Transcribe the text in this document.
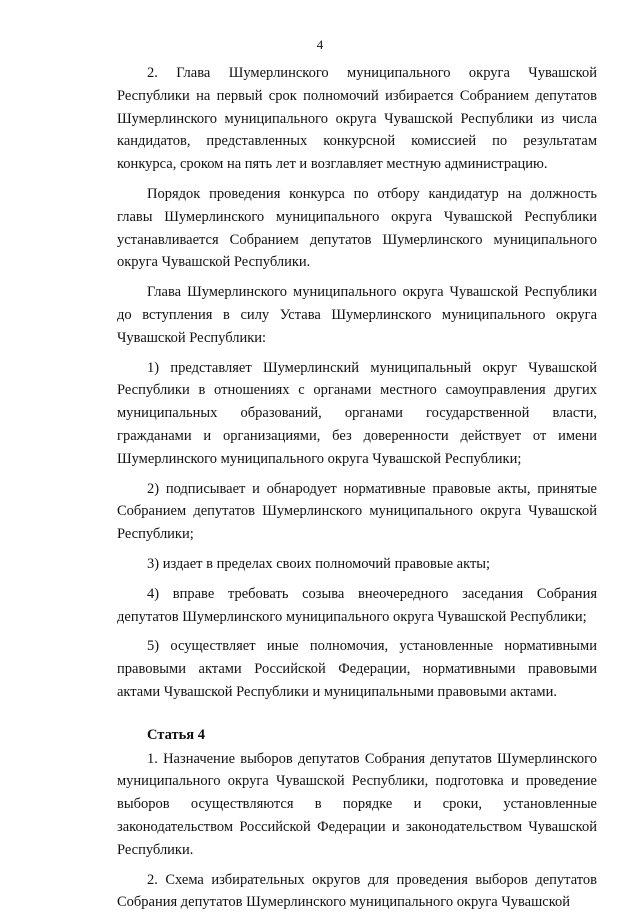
4

2. Глава Шумерлинского муниципального округа Чувашской Республики на первый срок полномочий избирается Собранием депутатов Шумерлинского муниципального округа Чувашской Республики из числа кандидатов, представленных конкурсной комиссией по результатам конкурса, сроком на пять лет и возглавляет местную администрацию.

Порядок проведения конкурса по отбору кандидатур на должность главы Шумерлинского муниципального округа Чувашской Республики устанавливается Собранием депутатов Шумерлинского муниципального округа Чувашской Республики.

Глава Шумерлинского муниципального округа Чувашской Республики до вступления в силу Устава Шумерлинского муниципального округа Чувашской Республики:

1) представляет Шумерлинский муниципальный округ Чувашской Республики в отношениях с органами местного самоуправления других муниципальных образований, органами государственной власти, гражданами и организациями, без доверенности действует от имени Шумерлинского муниципального округа Чувашской Республики;

2) подписывает и обнародует нормативные правовые акты, принятые Собранием депутатов Шумерлинского муниципального округа Чувашской Республики;

3) издает в пределах своих полномочий правовые акты;

4) вправе требовать созыва внеочередного заседания Собрания депутатов Шумерлинского муниципального округа Чувашской Республики;

5) осуществляет иные полномочия, установленные нормативными правовыми актами Российской Федерации, нормативными правовыми актами Чувашской Республики и муниципальными правовыми актами.

Статья 4

1. Назначение выборов депутатов Собрания депутатов Шумерлинского муниципального округа Чувашской Республики, подготовка и проведение выборов осуществляются в порядке и сроки, установленные законодательством Российской Федерации и законодательством Чувашской Республики.

2. Схема избирательных округов для проведения выборов депутатов Собрания депутатов Шумерлинского муниципального округа Чувашской
